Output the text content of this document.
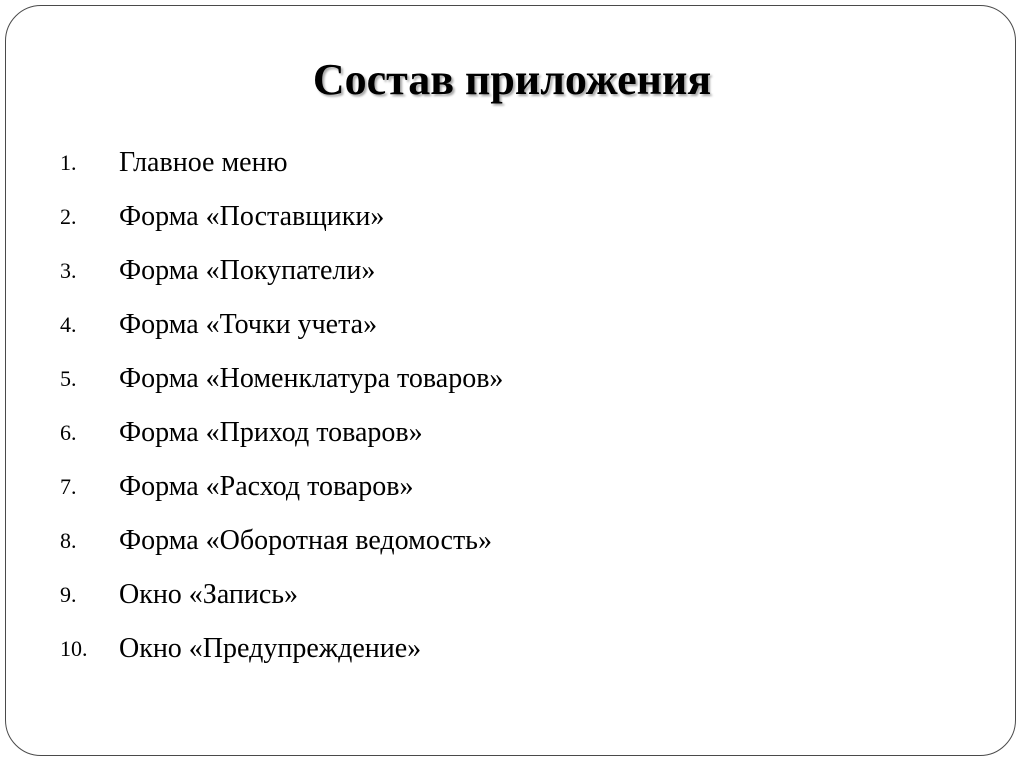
Состав приложения
1. Главное меню
2. Форма «Поставщики»
3. Форма «Покупатели»
4. Форма «Точки учета»
5. Форма «Номенклатура товаров»
6. Форма «Приход товаров»
7. Форма «Расход товаров»
8. Форма «Оборотная ведомость»
9. Окно «Запись»
10. Окно «Предупреждение»
